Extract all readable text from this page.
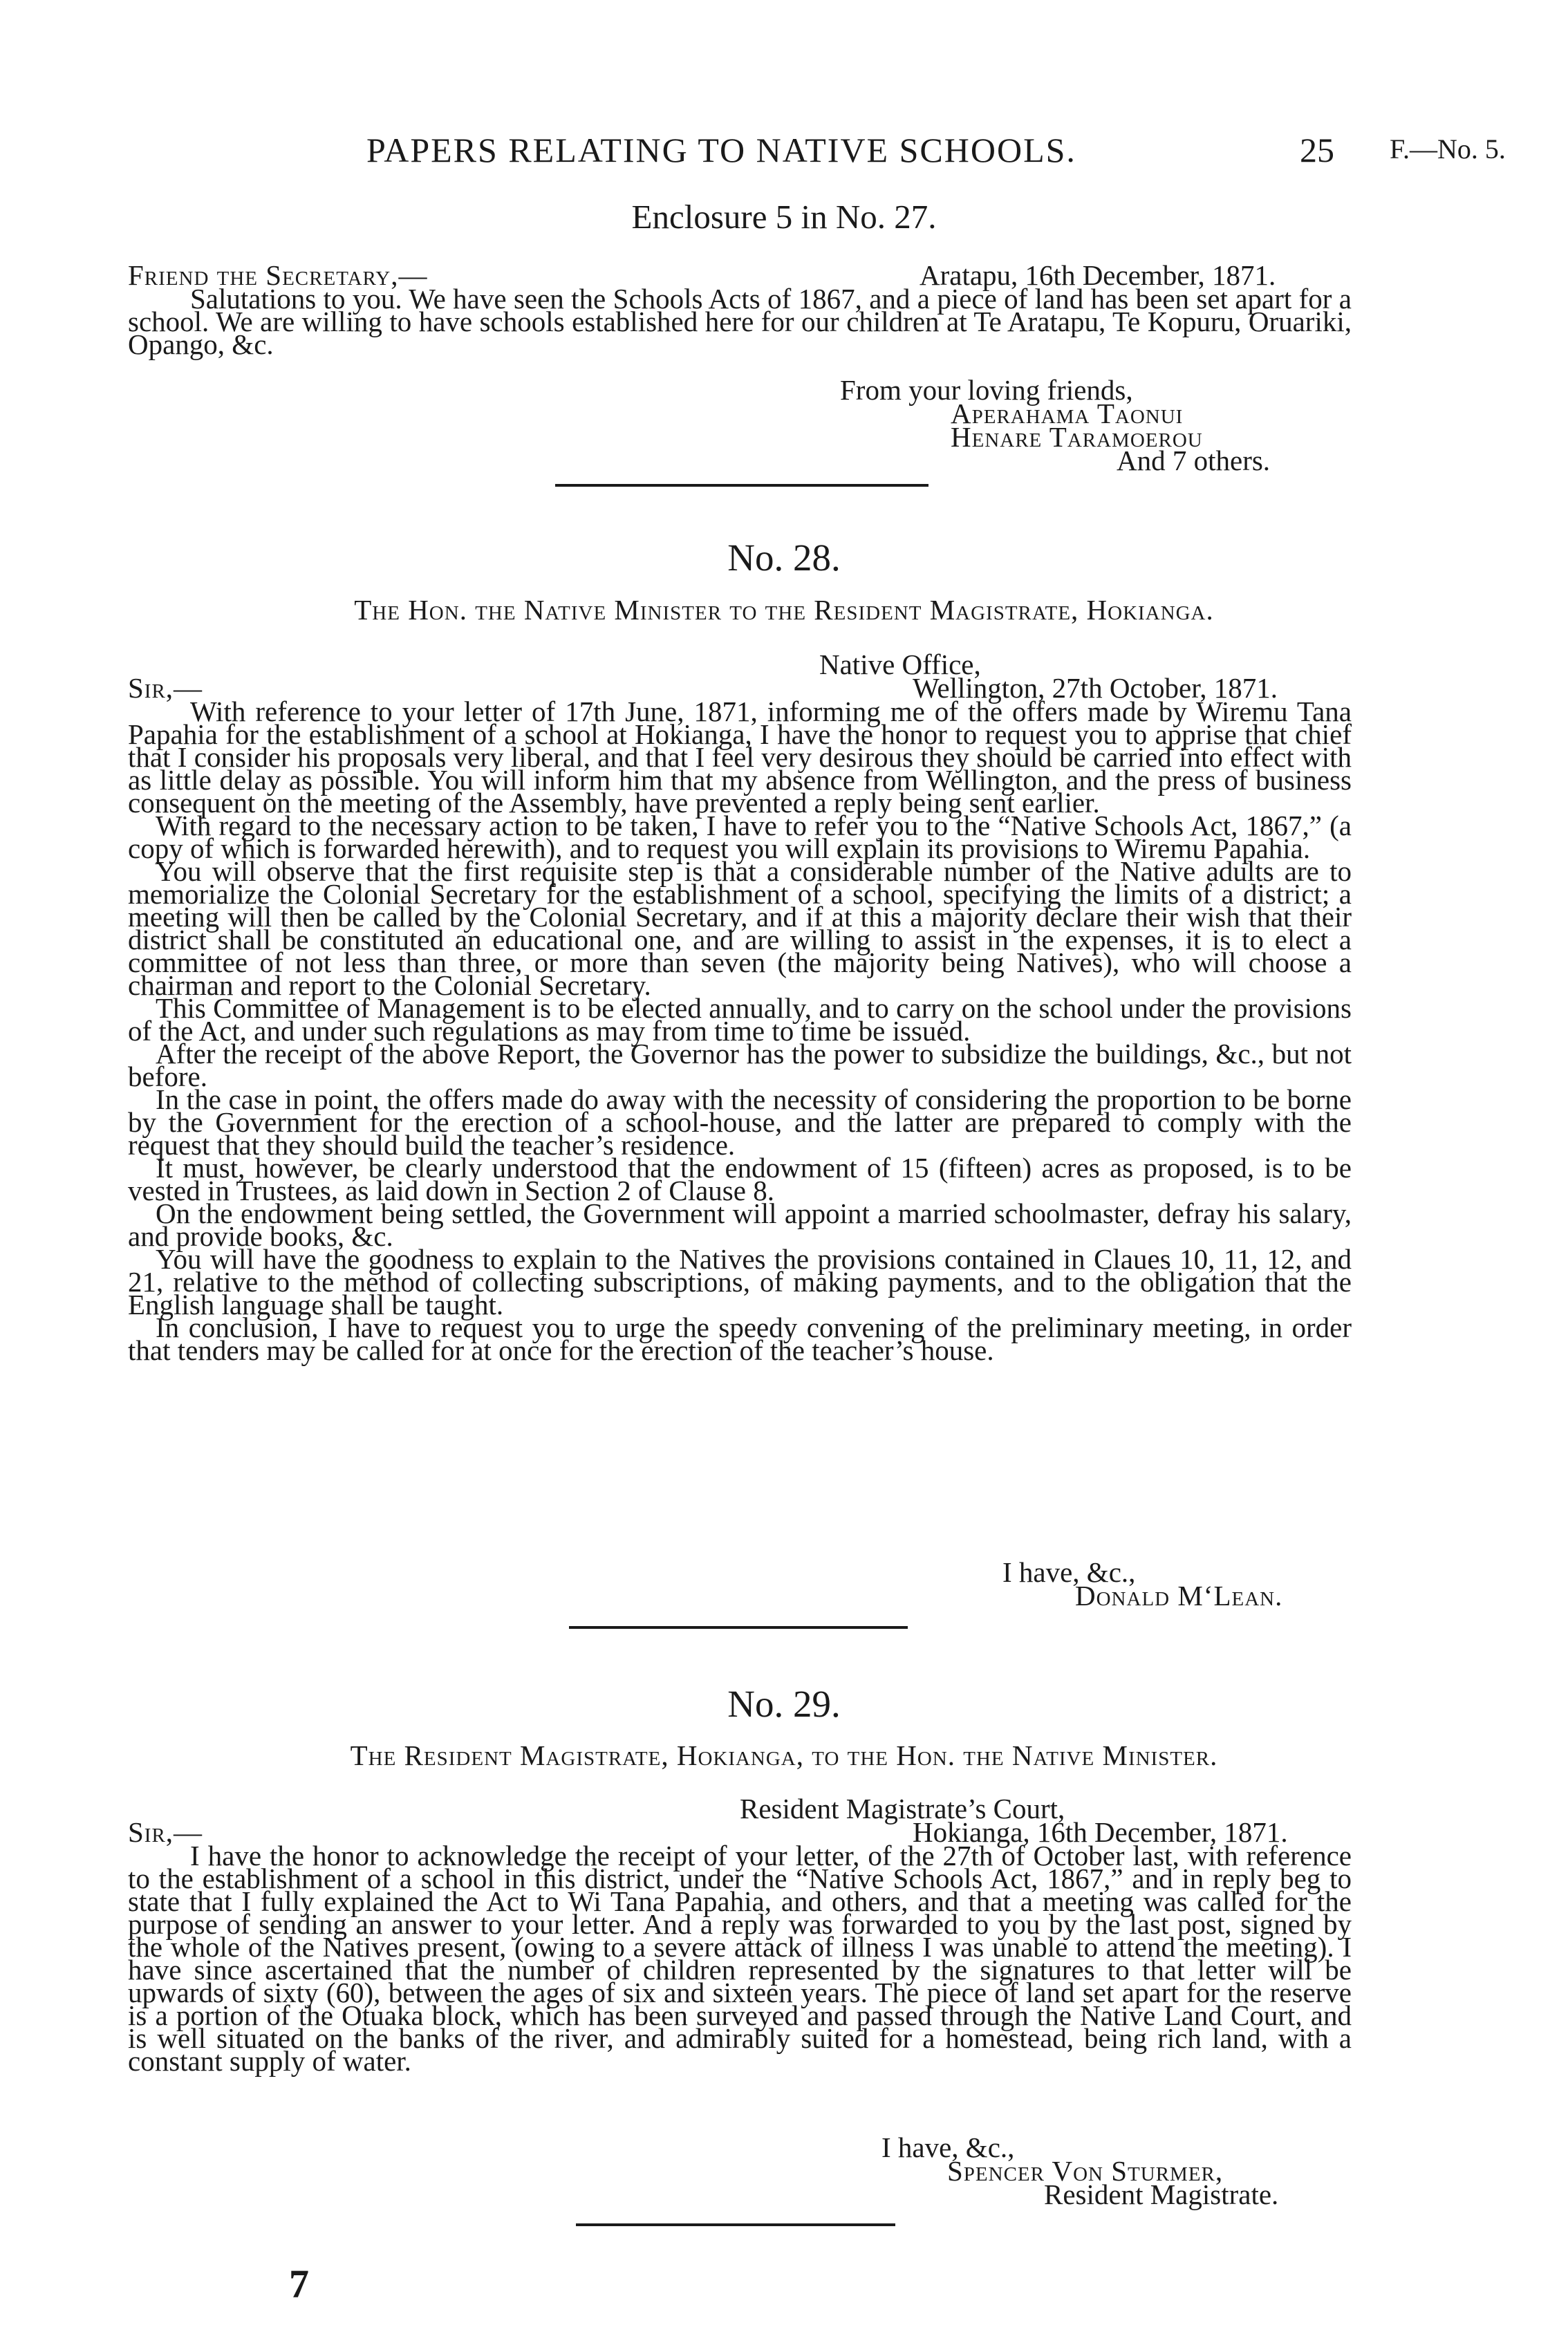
PAPERS RELATING TO NATIVE SCHOOLS.	25 F.—No. 5.
Enclosure 5 in No. 27.
Friend the Secretary,—	Aratapu, 16th December, 1871.

Salutations to you. We have seen the Schools Acts of 1867, and a piece of land has been set apart for a school. We are willing to have schools established here for our children at Te Aratapu, Te Kopuru, Oruariki, Opango, &c.

From your loving friends,
Aperahama Taonui
Henare Taramoerou
And 7 others.
No. 28.
The Hon. the Native Minister to the Resident Magistrate, Hokianga.
Native Office,
Sir,—	Wellington, 27th October, 1871.

With reference to your letter of 17th June, 1871, informing me of the offers made by Wiremu Tana Papahia for the establishment of a school at Hokianga, I have the honor to request you to apprise that chief that I consider his proposals very liberal, and that I feel very desirous they should be carried into effect with as little delay as possible. You will inform him that my absence from Wellington, and the press of business consequent on the meeting of the Assembly, have prevented a reply being sent earlier.

With regard to the necessary action to be taken, I have to refer you to the “Native Schools Act, 1867,” (a copy of which is forwarded herewith), and to request you will explain its provisions to Wiremu Papahia.

You will observe that the first requisite step is that a considerable number of the Native adults are to memorialize the Colonial Secretary for the establishment of a school, specifying the limits of a district; a meeting will then be called by the Colonial Secretary, and if at this a majority declare their wish that their district shall be constituted an educational one, and are willing to assist in the expenses, it is to elect a committee of not less than three, or more than seven (the majority being Natives), who will choose a chairman and report to the Colonial Secretary.

This Committee of Management is to be elected annually, and to carry on the school under the provisions of the Act, and under such regulations as may from time to time be issued.

After the receipt of the above Report, the Governor has the power to subsidize the buildings, &c., but not before.

In the case in point, the offers made do away with the necessity of considering the proportion to be borne by the Government for the erection of a school-house, and the latter are prepared to comply with the request that they should build the teacher’s residence.

It must, however, be clearly understood that the endowment of 15 (fifteen) acres as proposed, is to be vested in Trustees, as laid down in Section 2 of Clause 8.

On the endowment being settled, the Government will appoint a married schoolmaster, defray his salary, and provide books, &c.

You will have the goodness to explain to the Natives the provisions contained in Claues 10, 11, 12, and 21, relative to the method of collecting subscriptions, of making payments, and to the obligation that the English language shall be taught.

In conclusion, I have to request you to urge the speedy convening of the preliminary meeting, in order that tenders may be called for at once for the erection of the teacher’s house.

I have, &c.,
Donald M‘Lean.
No. 29.
The Resident Magistrate, Hokianga, to the Hon. the Native Minister.
Resident Magistrate’s Court,
Sir,—	Hokianga, 16th December, 1871.

I have the honor to acknowledge the receipt of your letter, of the 27th of October last, with reference to the establishment of a school in this district, under the “Native Schools Act, 1867,” and in reply beg to state that I fully explained the Act to Wi Tana Papahia, and others, and that a meeting was called for the purpose of sending an answer to your letter. And a reply was forwarded to you by the last post, signed by the whole of the Natives present, (owing to a severe attack of illness I was unable to attend the meeting). I have since ascertained that the number of children represented by the signatures to that letter will be upwards of sixty (60), between the ages of six and sixteen years. The piece of land set apart for the reserve is a portion of the Otuaka block, which has been surveyed and passed through the Native Land Court, and is well situated on the banks of the river, and admirably suited for a homestead, being rich land, with a constant supply of water.

I have, &c.,
Spencer Von Sturmer,
Resident Magistrate.
7
